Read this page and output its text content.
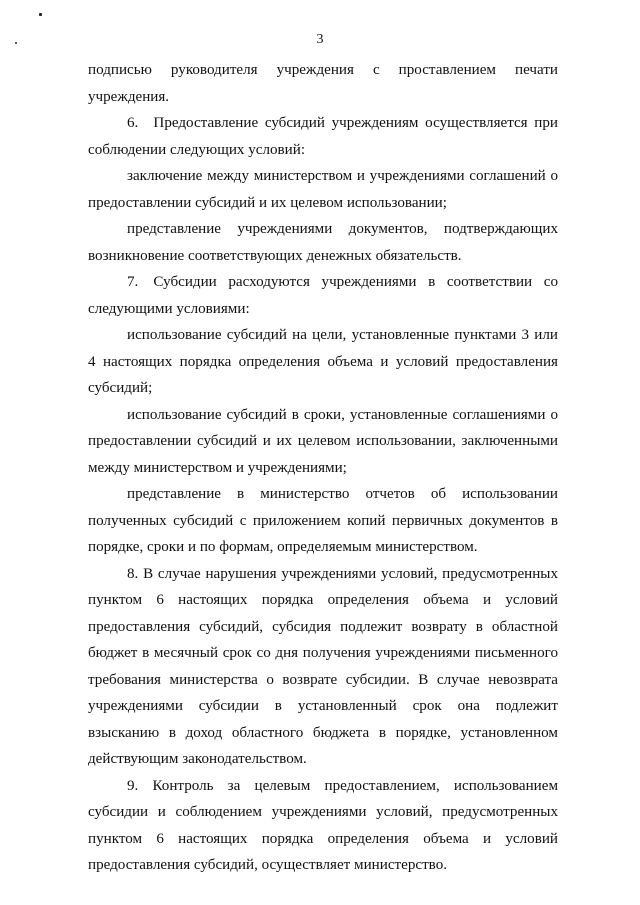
3

подписью руководителя учреждения с проставлением печати учреждения.

6. Предоставление субсидий учреждениям осуществляется при соблюдении следующих условий:

заключение между министерством и учреждениями соглашений о предоставлении субсидий и их целевом использовании;

представление учреждениями документов, подтверждающих возникновение соответствующих денежных обязательств.

7. Субсидии расходуются учреждениями в соответствии со следующими условиями:

использование субсидий на цели, установленные пунктами 3 или 4 настоящих порядка определения объема и условий предоставления субсидий;

использование субсидий в сроки, установленные соглашениями о предоставлении субсидий и их целевом использовании, заключенными между министерством и учреждениями;

представление в министерство отчетов об использовании полученных субсидий с приложением копий первичных документов в порядке, сроки и по формам, определяемым министерством.

8. В случае нарушения учреждениями условий, предусмотренных пунктом 6 настоящих порядка определения объема и условий предоставления субсидий, субсидия подлежит возврату в областной бюджет в месячный срок со дня получения учреждениями письменного требования министерства о возврате субсидии. В случае невозврата учреждениями субсидии в установленный срок она подлежит взысканию в доход областного бюджета в порядке, установленном действующим законодательством.

9. Контроль за целевым предоставлением, использованием субсидии и соблюдением учреждениями условий, предусмотренных пунктом 6 настоящих порядка определения объема и условий предоставления субсидий, осуществляет министерство.
